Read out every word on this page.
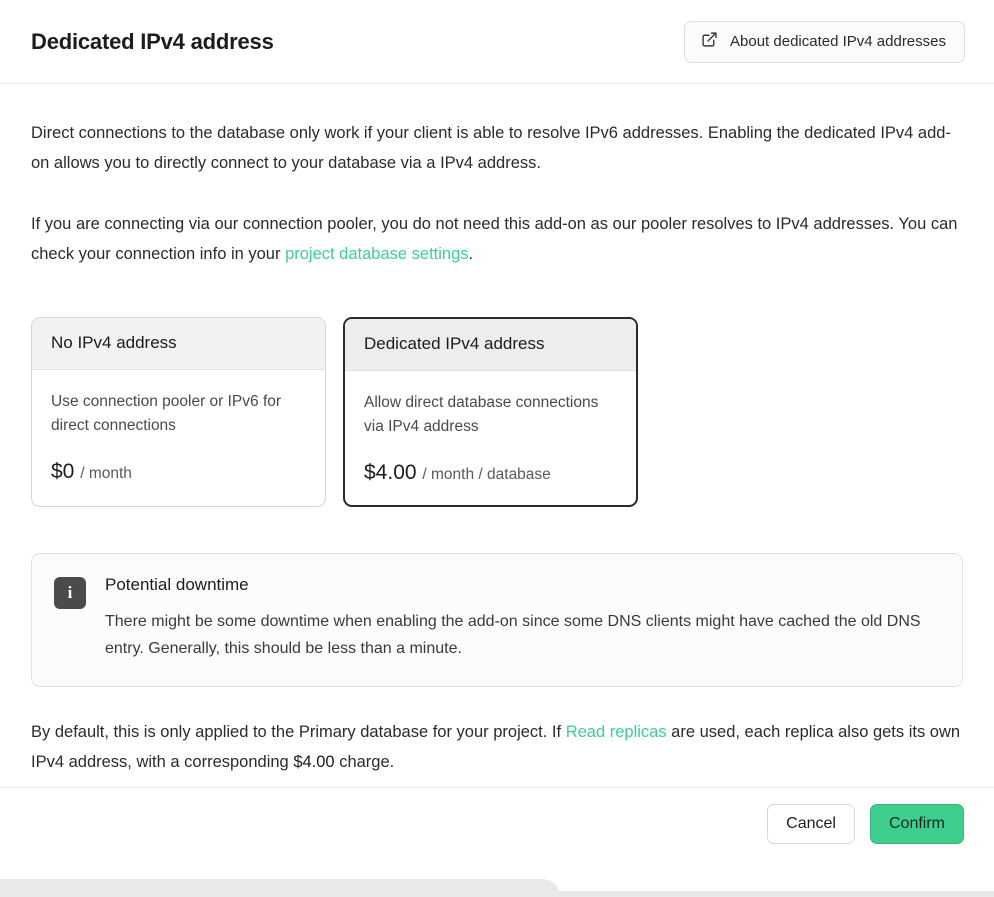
Dedicated IPv4 address	About dedicated IPv4 addresses

Direct connections to the database only work if your client is able to resolve IPv6 addresses. Enabling the dedicated IPv4 add-on allows you to directly connect to your database via a IPv4 address.

If you are connecting via our connection pooler, you do not need this add-on as our pooler resolves to IPv4 addresses. You can check your connection info in your project database settings.

No IPv4 address

Use connection pooler or IPv6 for direct connections

$0 / month
Dedicated IPv4 address

Allow direct database connections via IPv4 address

$4.00 / month / database
i	Potential downtime

There might be some downtime when enabling the add-on since some DNS clients might have cached the old DNS entry. Generally, this should be less than a minute.

By default, this is only applied to the Primary database for your project. If Read replicas are used, each replica also gets its own IPv4 address, with a corresponding $4.00 charge.

Cancel	Confirm
